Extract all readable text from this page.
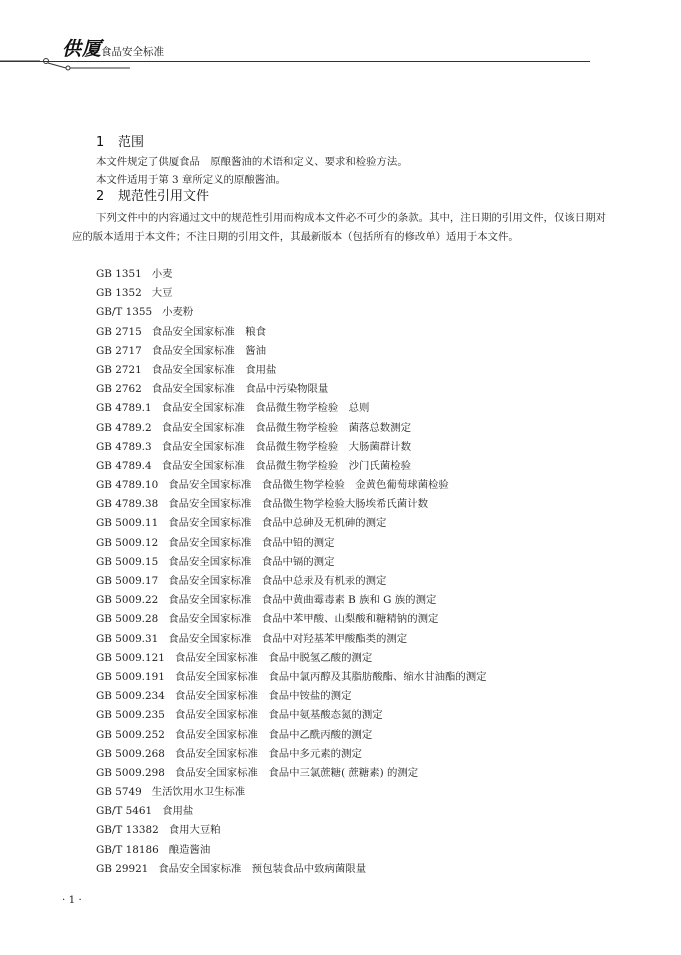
供厦
食品安全标准
1 范围
本文件规定了供厦食品　原酿酱油的术语和定义、要求和检验方法。
本文件适用于第 3 章所定义的原酿酱油。
2 规范性引用文件
下列文件中的内容通过文中的规范性引用而构成本文件必不可少的条款。其中，注日期的引用文件，仅该日期对应的版本适用于本文件；不注日期的引用文件，其最新版本（包括所有的修改单）适用于本文件。
GB 1351 小麦
GB 1352 大豆
GB/T 1355 小麦粉
GB 2715 食品安全国家标准　粮食
GB 2717 食品安全国家标准　酱油
GB 2721 食品安全国家标准　食用盐
GB 2762 食品安全国家标准　食品中污染物限量
GB 4789.1 食品安全国家标准　食品微生物学检验　总则
GB 4789.2 食品安全国家标准　食品微生物学检验　菌落总数测定
GB 4789.3 食品安全国家标准　食品微生物学检验　大肠菌群计数
GB 4789.4 食品安全国家标准　食品微生物学检验　沙门氏菌检验
GB 4789.10 食品安全国家标准　食品微生物学检验　金黄色葡萄球菌检验
GB 4789.38 食品安全国家标准　食品微生物学检验大肠埃希氏菌计数
GB 5009.11 食品安全国家标准　食品中总砷及无机砷的测定
GB 5009.12 食品安全国家标准　食品中铅的测定
GB 5009.15 食品安全国家标准　食品中镉的测定
GB 5009.17 食品安全国家标准　食品中总汞及有机汞的测定
GB 5009.22 食品安全国家标准　食品中黄曲霉毒素 B 族和 G 族的测定
GB 5009.28 食品安全国家标准　食品中苯甲酸、山梨酸和糖精钠的测定
GB 5009.31 食品安全国家标准　食品中对羟基苯甲酸酯类的测定
GB 5009.121 食品安全国家标准　食品中脱氢乙酸的测定
GB 5009.191 食品安全国家标准　食品中氯丙醇及其脂肪酸酯、缩水甘油酯的测定
GB 5009.234 食品安全国家标准　食品中铵盐的测定
GB 5009.235 食品安全国家标准　食品中氨基酸态氮的测定
GB 5009.252 食品安全国家标准　食品中乙酰丙酸的测定
GB 5009.268 食品安全国家标准　食品中多元素的测定
GB 5009.298 食品安全国家标准　食品中三氯蔗糖( 蔗糖素) 的测定
GB 5749 生活饮用水卫生标准
GB/T 5461 食用盐
GB/T 13382 食用大豆粕
GB/T 18186 酿造酱油
GB 29921 食品安全国家标准　预包装食品中致病菌限量
· 1 ·
